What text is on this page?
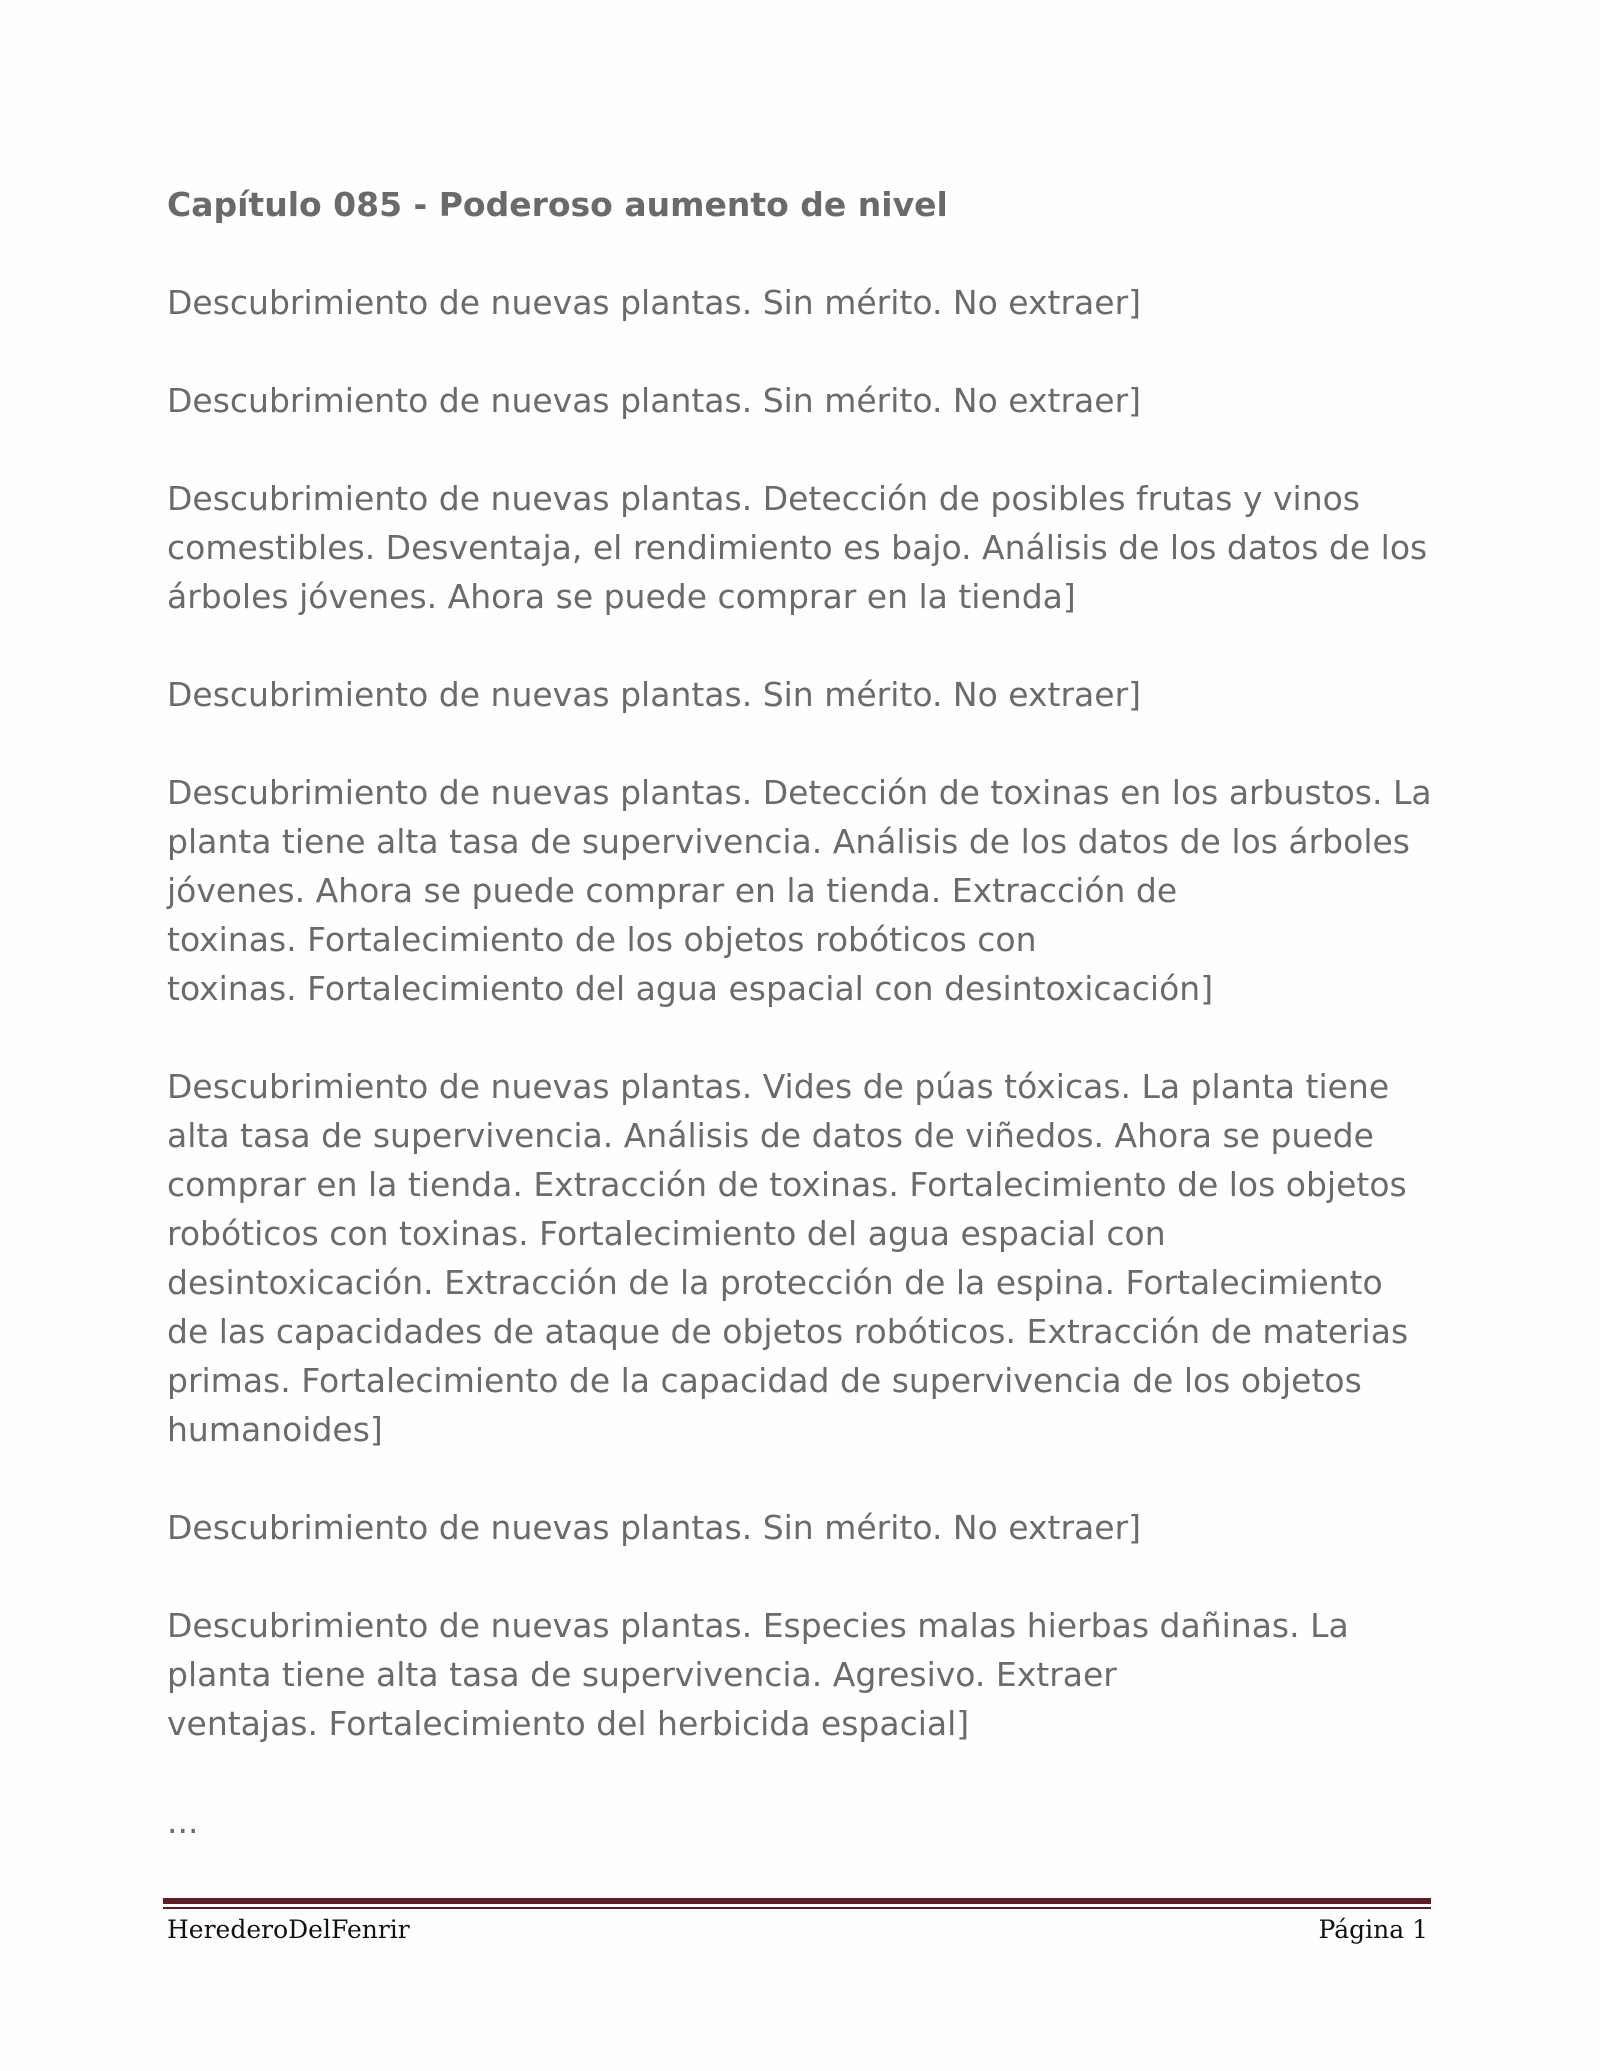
Capítulo 085 - Poderoso aumento de nivel
Descubrimiento de nuevas plantas. Sin mérito. No extraer]
Descubrimiento de nuevas plantas. Sin mérito. No extraer]
Descubrimiento de nuevas plantas. Detección de posibles frutas y vinos
comestibles. Desventaja, el rendimiento es bajo. Análisis de los datos de los
árboles jóvenes. Ahora se puede comprar en la tienda]
Descubrimiento de nuevas plantas. Sin mérito. No extraer]
Descubrimiento de nuevas plantas. Detección de toxinas en los arbustos. La
planta tiene alta tasa de supervivencia. Análisis de los datos de los árboles
jóvenes. Ahora se puede comprar en la tienda. Extracción de
toxinas. Fortalecimiento de los objetos robóticos con
toxinas. Fortalecimiento del agua espacial con desintoxicación]
Descubrimiento de nuevas plantas. Vides de púas tóxicas. La planta tiene
alta tasa de supervivencia. Análisis de datos de viñedos. Ahora se puede
comprar en la tienda. Extracción de toxinas. Fortalecimiento de los objetos
robóticos con toxinas. Fortalecimiento del agua espacial con
desintoxicación. Extracción de la protección de la espina. Fortalecimiento
de las capacidades de ataque de objetos robóticos. Extracción de materias
primas. Fortalecimiento de la capacidad de supervivencia de los objetos
humanoides]
Descubrimiento de nuevas plantas. Sin mérito. No extraer]
Descubrimiento de nuevas plantas. Especies malas hierbas dañinas. La
planta tiene alta tasa de supervivencia. Agresivo. Extraer
ventajas. Fortalecimiento del herbicida espacial]
...
HerederoDelFenrir	Página 1
